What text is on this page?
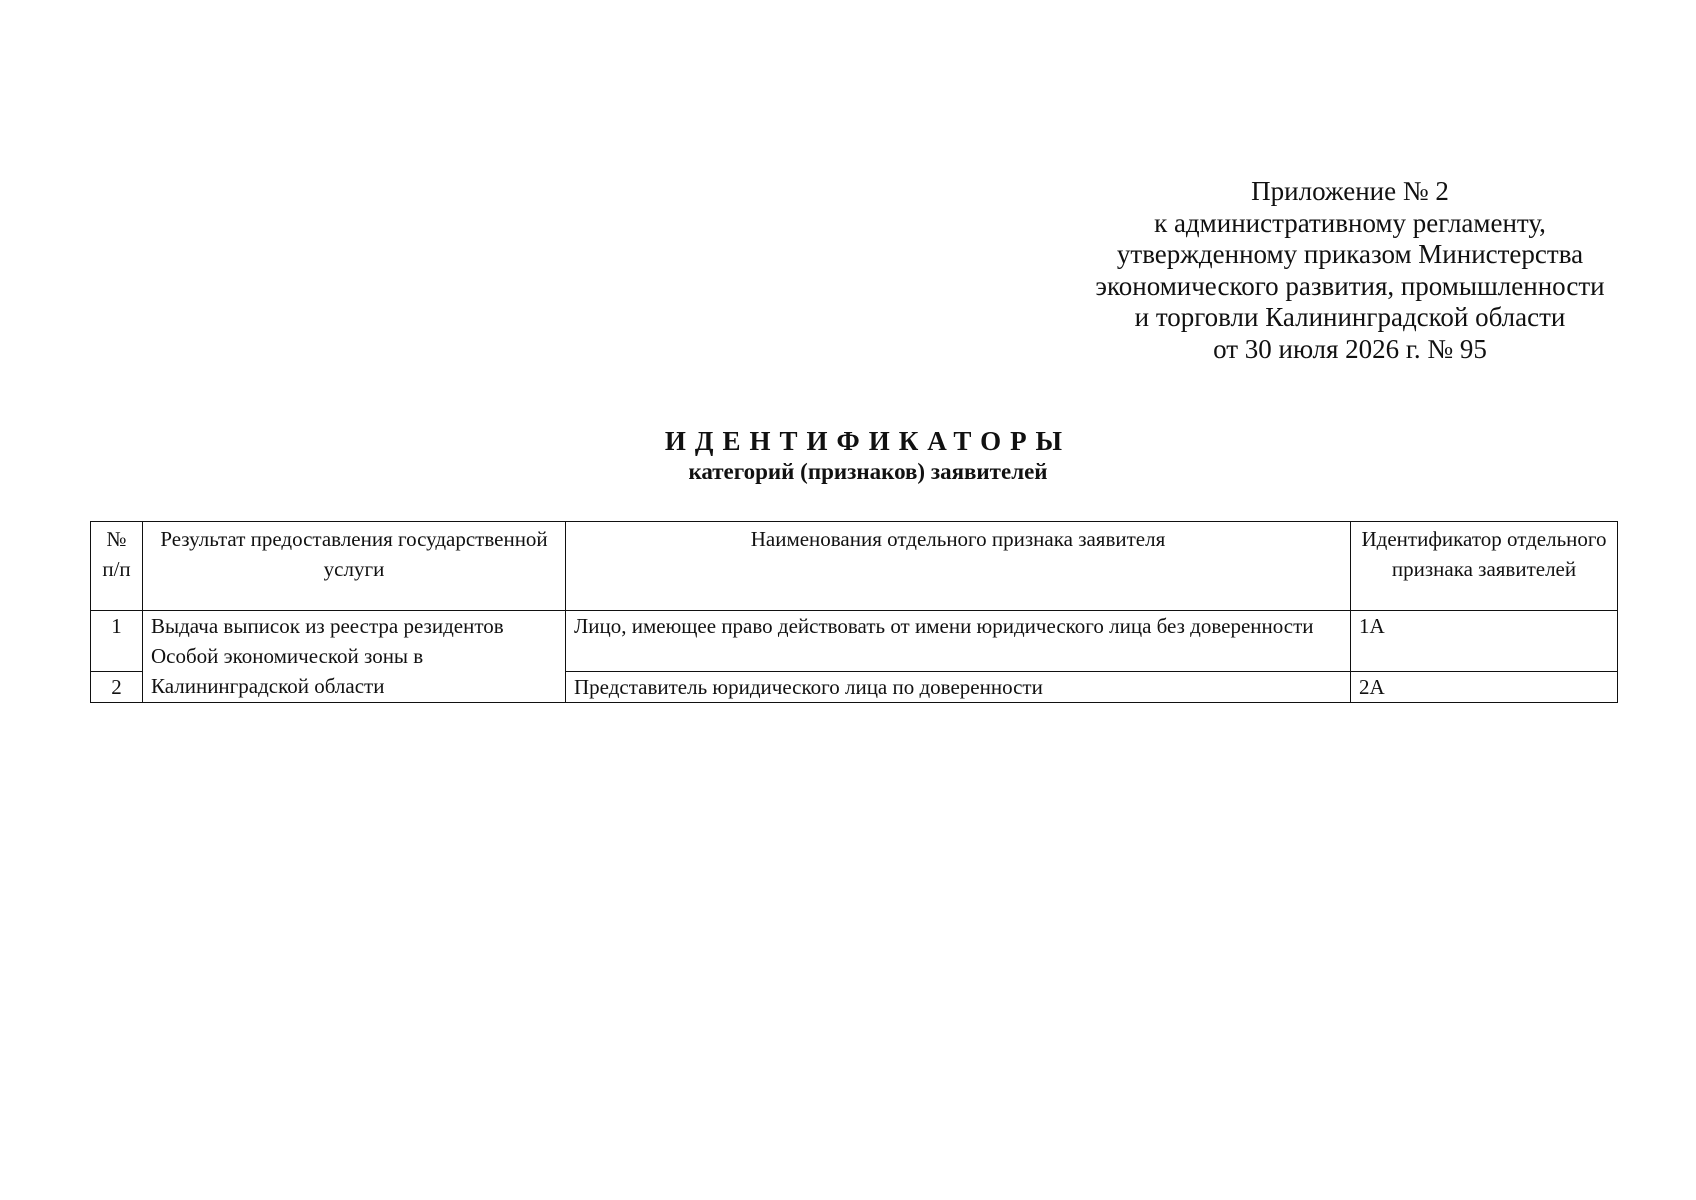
Приложение № 2
к административному регламенту,
утвержденному приказом Министерства
экономического развития, промышленности
и торговли Калининградской области
от 30 июля 2026 г. № 95
ИДЕНТИФИКАТОРЫ
категорий (признаков) заявителей
№ п/п	Результат предоставления государственной услуги	Наименования отдельного признака заявителя	Идентификатор отдельного признака заявителей
1	Выдача выписок из реестра резидентов Особой экономической зоны в Калининградской области	Лицо, имеющее право действовать от имени юридического лица без доверенности	1А
2		Представитель юридического лица по доверенности	2А
